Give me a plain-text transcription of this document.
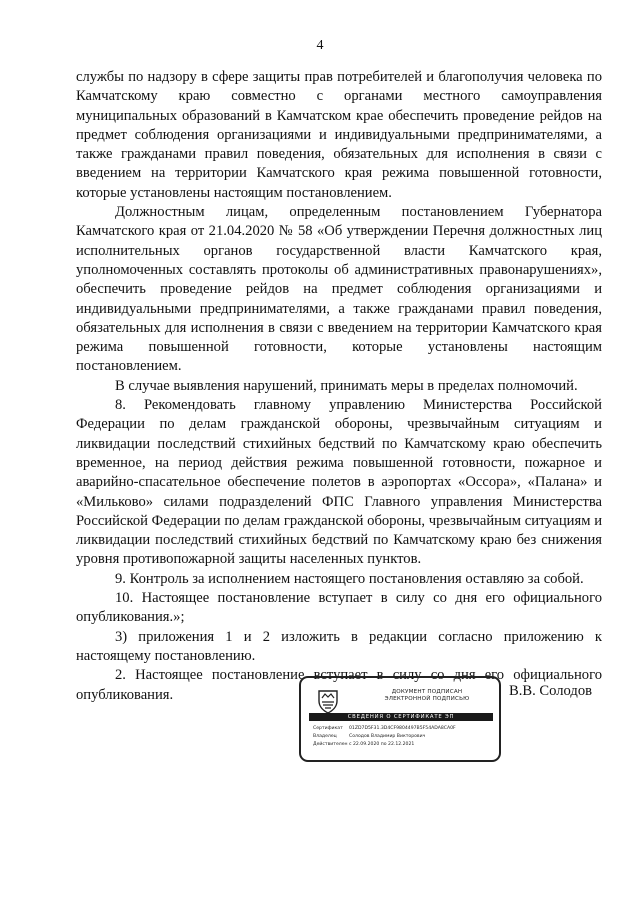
4

службы по надзору в сфере защиты прав потребителей и благополучия человека по Камчатскому краю совместно с органами местного самоуправления муниципальных образований в Камчатском крае обеспечить проведение рейдов на предмет соблюдения организациями и индивидуальными предпринимателями, а также гражданами правил поведения, обязательных для исполнения в связи с введением на территории Камчатского края режима повышенной готовности, которые установлены настоящим постановлением.

Должностным лицам, определенным постановлением Губернатора Камчатского края от 21.04.2020 № 58 «Об утверждении Перечня должностных лиц исполнительных органов государственной власти Камчатского края, уполномоченных составлять протоколы об административных правонарушениях», обеспечить проведение рейдов на предмет соблюдения организациями и индивидуальными предпринимателями, а также гражданами правил поведения, обязательных для исполнения в связи с введением на территории Камчатского края режима повышенной готовности, которые установлены настоящим постановлением.

В случае выявления нарушений, принимать меры в пределах полномочий.

8. Рекомендовать главному управлению Министерства Российской Федерации по делам гражданской обороны, чрезвычайным ситуациям и ликвидации последствий стихийных бедствий по Камчатскому краю обеспечить временное, на период действия режима повышенной готовности, пожарное и аварийно-спасательное обеспечение полетов в аэропортах «Оссора», «Палана» и «Мильково» силами подразделений ФПС Главного управления Министерства Российской Федерации по делам гражданской обороны, чрезвычайным ситуациям и ликвидации последствий стихийных бедствий по Камчатскому краю без снижения уровня противопожарной защиты населенных пунктов.

9. Контроль за исполнением настоящего постановления оставляю за собой.

10. Настоящее постановление вступает в силу со дня его официального опубликования.»;

3) приложения 1 и 2 изложить в редакции согласно приложению к настоящему постановлению.

2. Настоящее постановление вступает в силу со дня его официального опубликования.	ДОКУМЕНТ ПОДПИСАН
ЭЛЕКТРОННОЙ ПОДПИСЬЮ
СВЕДЕНИЯ О СЕРТИФИКАТЕ ЭП
Сертификат	01ZD7D5F31.3D4CF9804497B5F54ADA8CA0F
Владелец	Солодов Владимир Викторович
Действителен с 22.09.2020 по 22.12.2021
В.В. Солодов
